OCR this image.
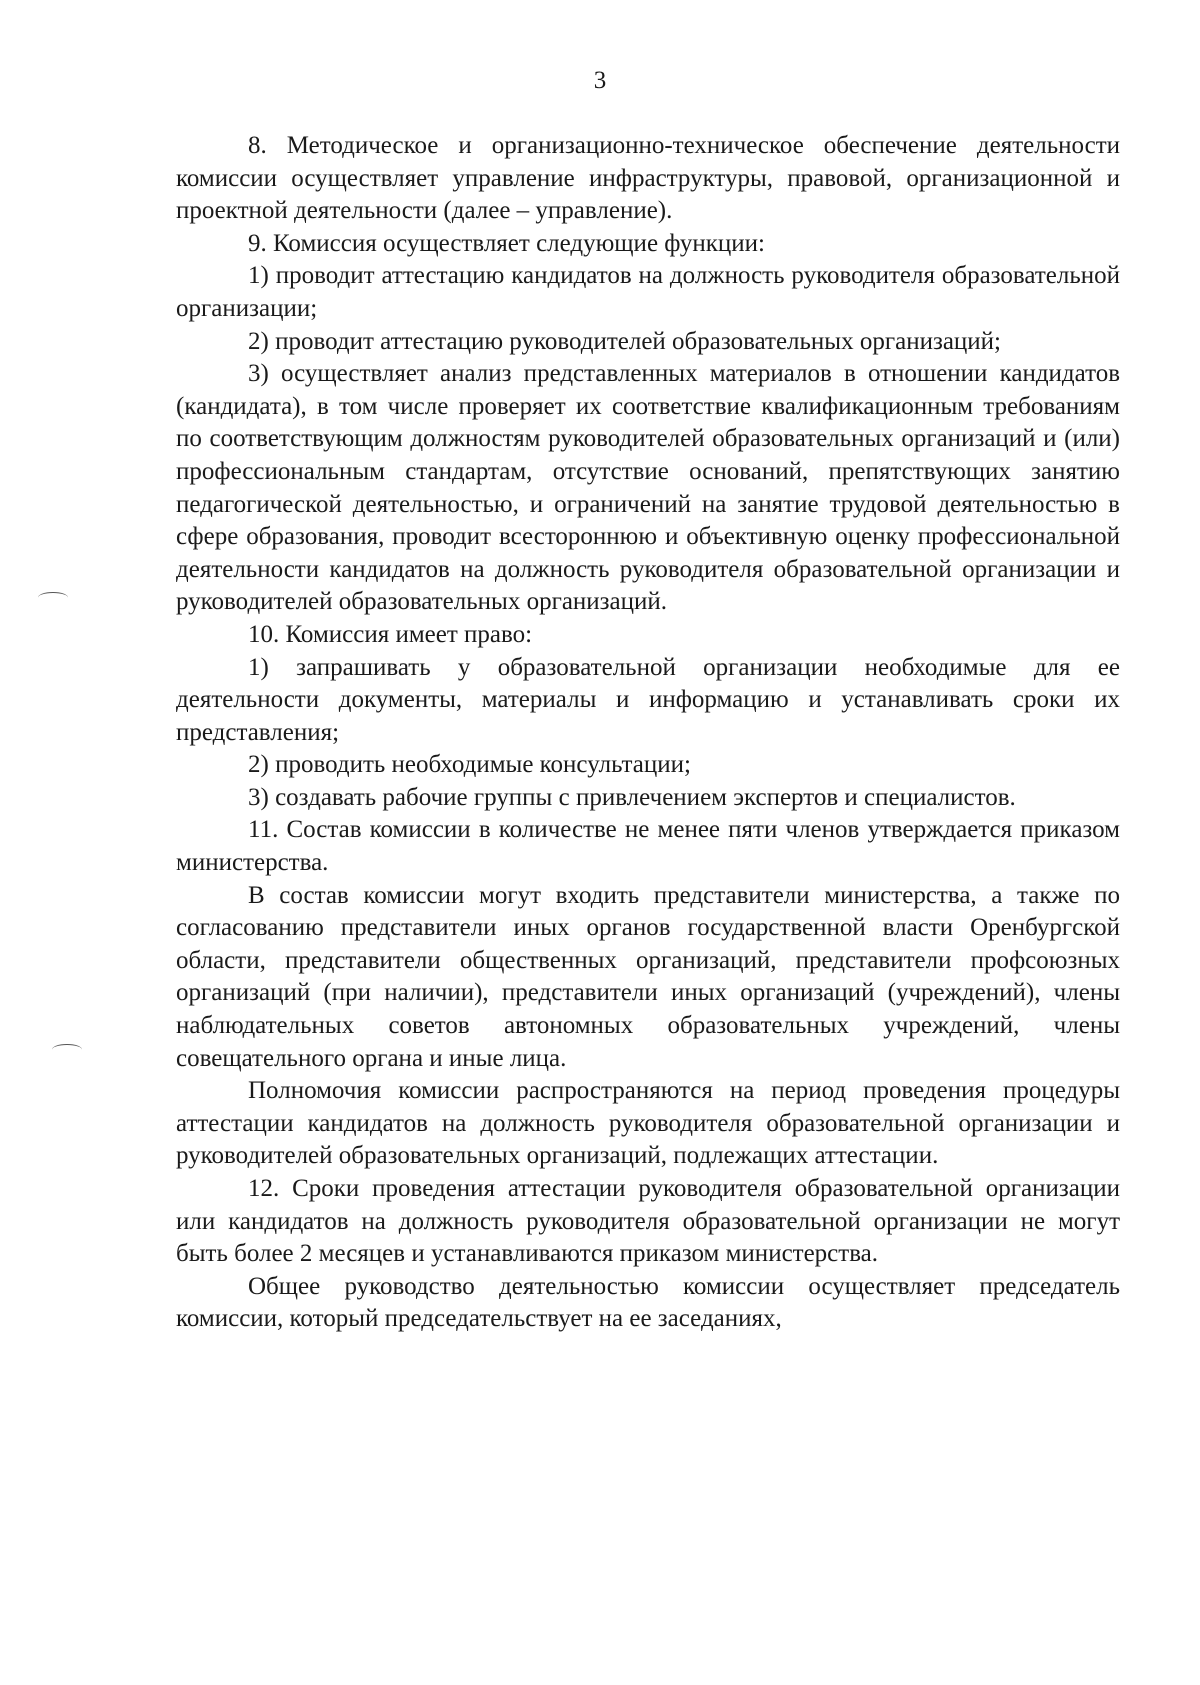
3

8. Методическое и организационно-техническое обеспечение деятельности комиссии осуществляет управление инфраструктуры, правовой, организационной и проектной деятельности (далее – управление).

9. Комиссия осуществляет следующие функции:

1) проводит аттестацию кандидатов на должность руководителя образовательной организации;

2) проводит аттестацию руководителей образовательных организаций;

3) осуществляет анализ представленных материалов в отношении кандидатов (кандидата), в том числе проверяет их соответствие квалификационным требованиям по соответствующим должностям руководителей образовательных организаций и (или) профессиональным стандартам, отсутствие оснований, препятствующих занятию педагогической деятельностью, и ограничений на занятие трудовой деятельностью в сфере образования, проводит всестороннюю и объективную оценку профессиональной деятельности кандидатов на должность руководителя образовательной организации и руководителей образовательных организаций.

10. Комиссия имеет право:

1) запрашивать у образовательной организации необходимые для ее деятельности документы, материалы и информацию и устанавливать сроки их представления;

2) проводить необходимые консультации;

3) создавать рабочие группы с привлечением экспертов и специалистов.

11. Состав комиссии в количестве не менее пяти членов утверждается приказом министерства.

В состав комиссии могут входить представители министерства, а также по согласованию представители иных органов государственной власти Оренбургской области, представители общественных организаций, представители профсоюзных организаций (при наличии), представители иных организаций (учреждений), члены наблюдательных советов автономных образовательных учреждений, члены совещательного органа и иные лица.

Полномочия комиссии распространяются на период проведения процедуры аттестации кандидатов на должность руководителя образовательной организации и руководителей образовательных организаций, подлежащих аттестации.

12. Сроки проведения аттестации руководителя образовательной организации или кандидатов на должность руководителя образовательной организации не могут быть более 2 месяцев и устанавливаются приказом министерства.

Общее руководство деятельностью комиссии осуществляет председатель комиссии, который председательствует на ее заседаниях,
